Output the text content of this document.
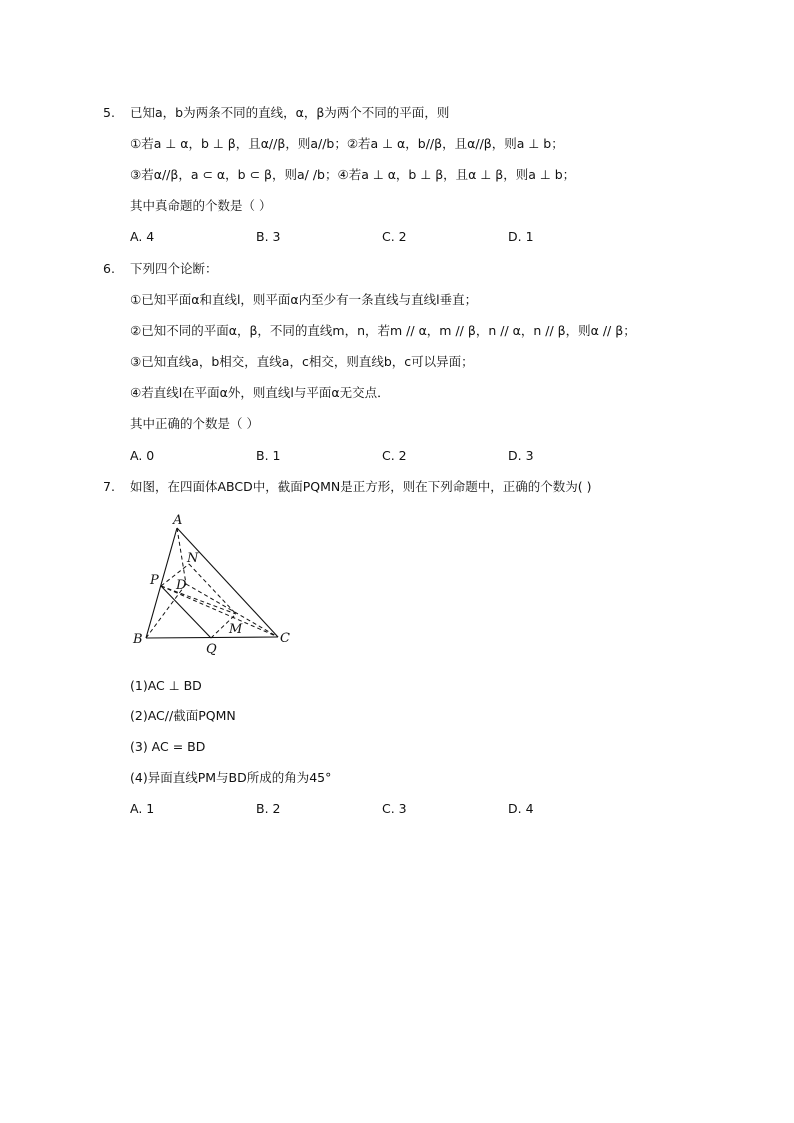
5. 已知a，b为两条不同的直线，α，β为两个不同的平面，则
①若a ⊥ α，b ⊥ β，且α//β，则a//b；②若a ⊥ α，b//β，且α//β，则a ⊥ b；
③若α//β，a ⊂ α，b ⊂ β，则a/ /b；④若a ⊥ α，b ⊥ β，且α ⊥ β，则a ⊥ b；
其中真命题的个数是（ ）
A. 4	B. 3	C. 2	D. 1
6. 下列四个论断：
①已知平面α和直线l，则平面α内至少有一条直线与直线l垂直；
②已知不同的平面α，β，不同的直线m，n，若m // α，m // β，n // α，n // β，则α // β；
③已知直线a，b相交，直线a，c相交，则直线b，c可以异面；
④若直线l在平面α外，则直线l与平面α无交点．
其中正确的个数是（ ）
A. 0	B. 1	C. 2	D. 3
7. 如图，在四面体ABCD中，截面PQMN是正方形，则在下列命题中，正确的个数为( )
A
B	C
D
P
Q
M
N
(1)AC ⊥ BD
(2)AC//截面PQMN
(3) AC = BD
(4)异面直线PM与BD所成的角为45°
A. 1	B. 2	C. 3	D. 4
